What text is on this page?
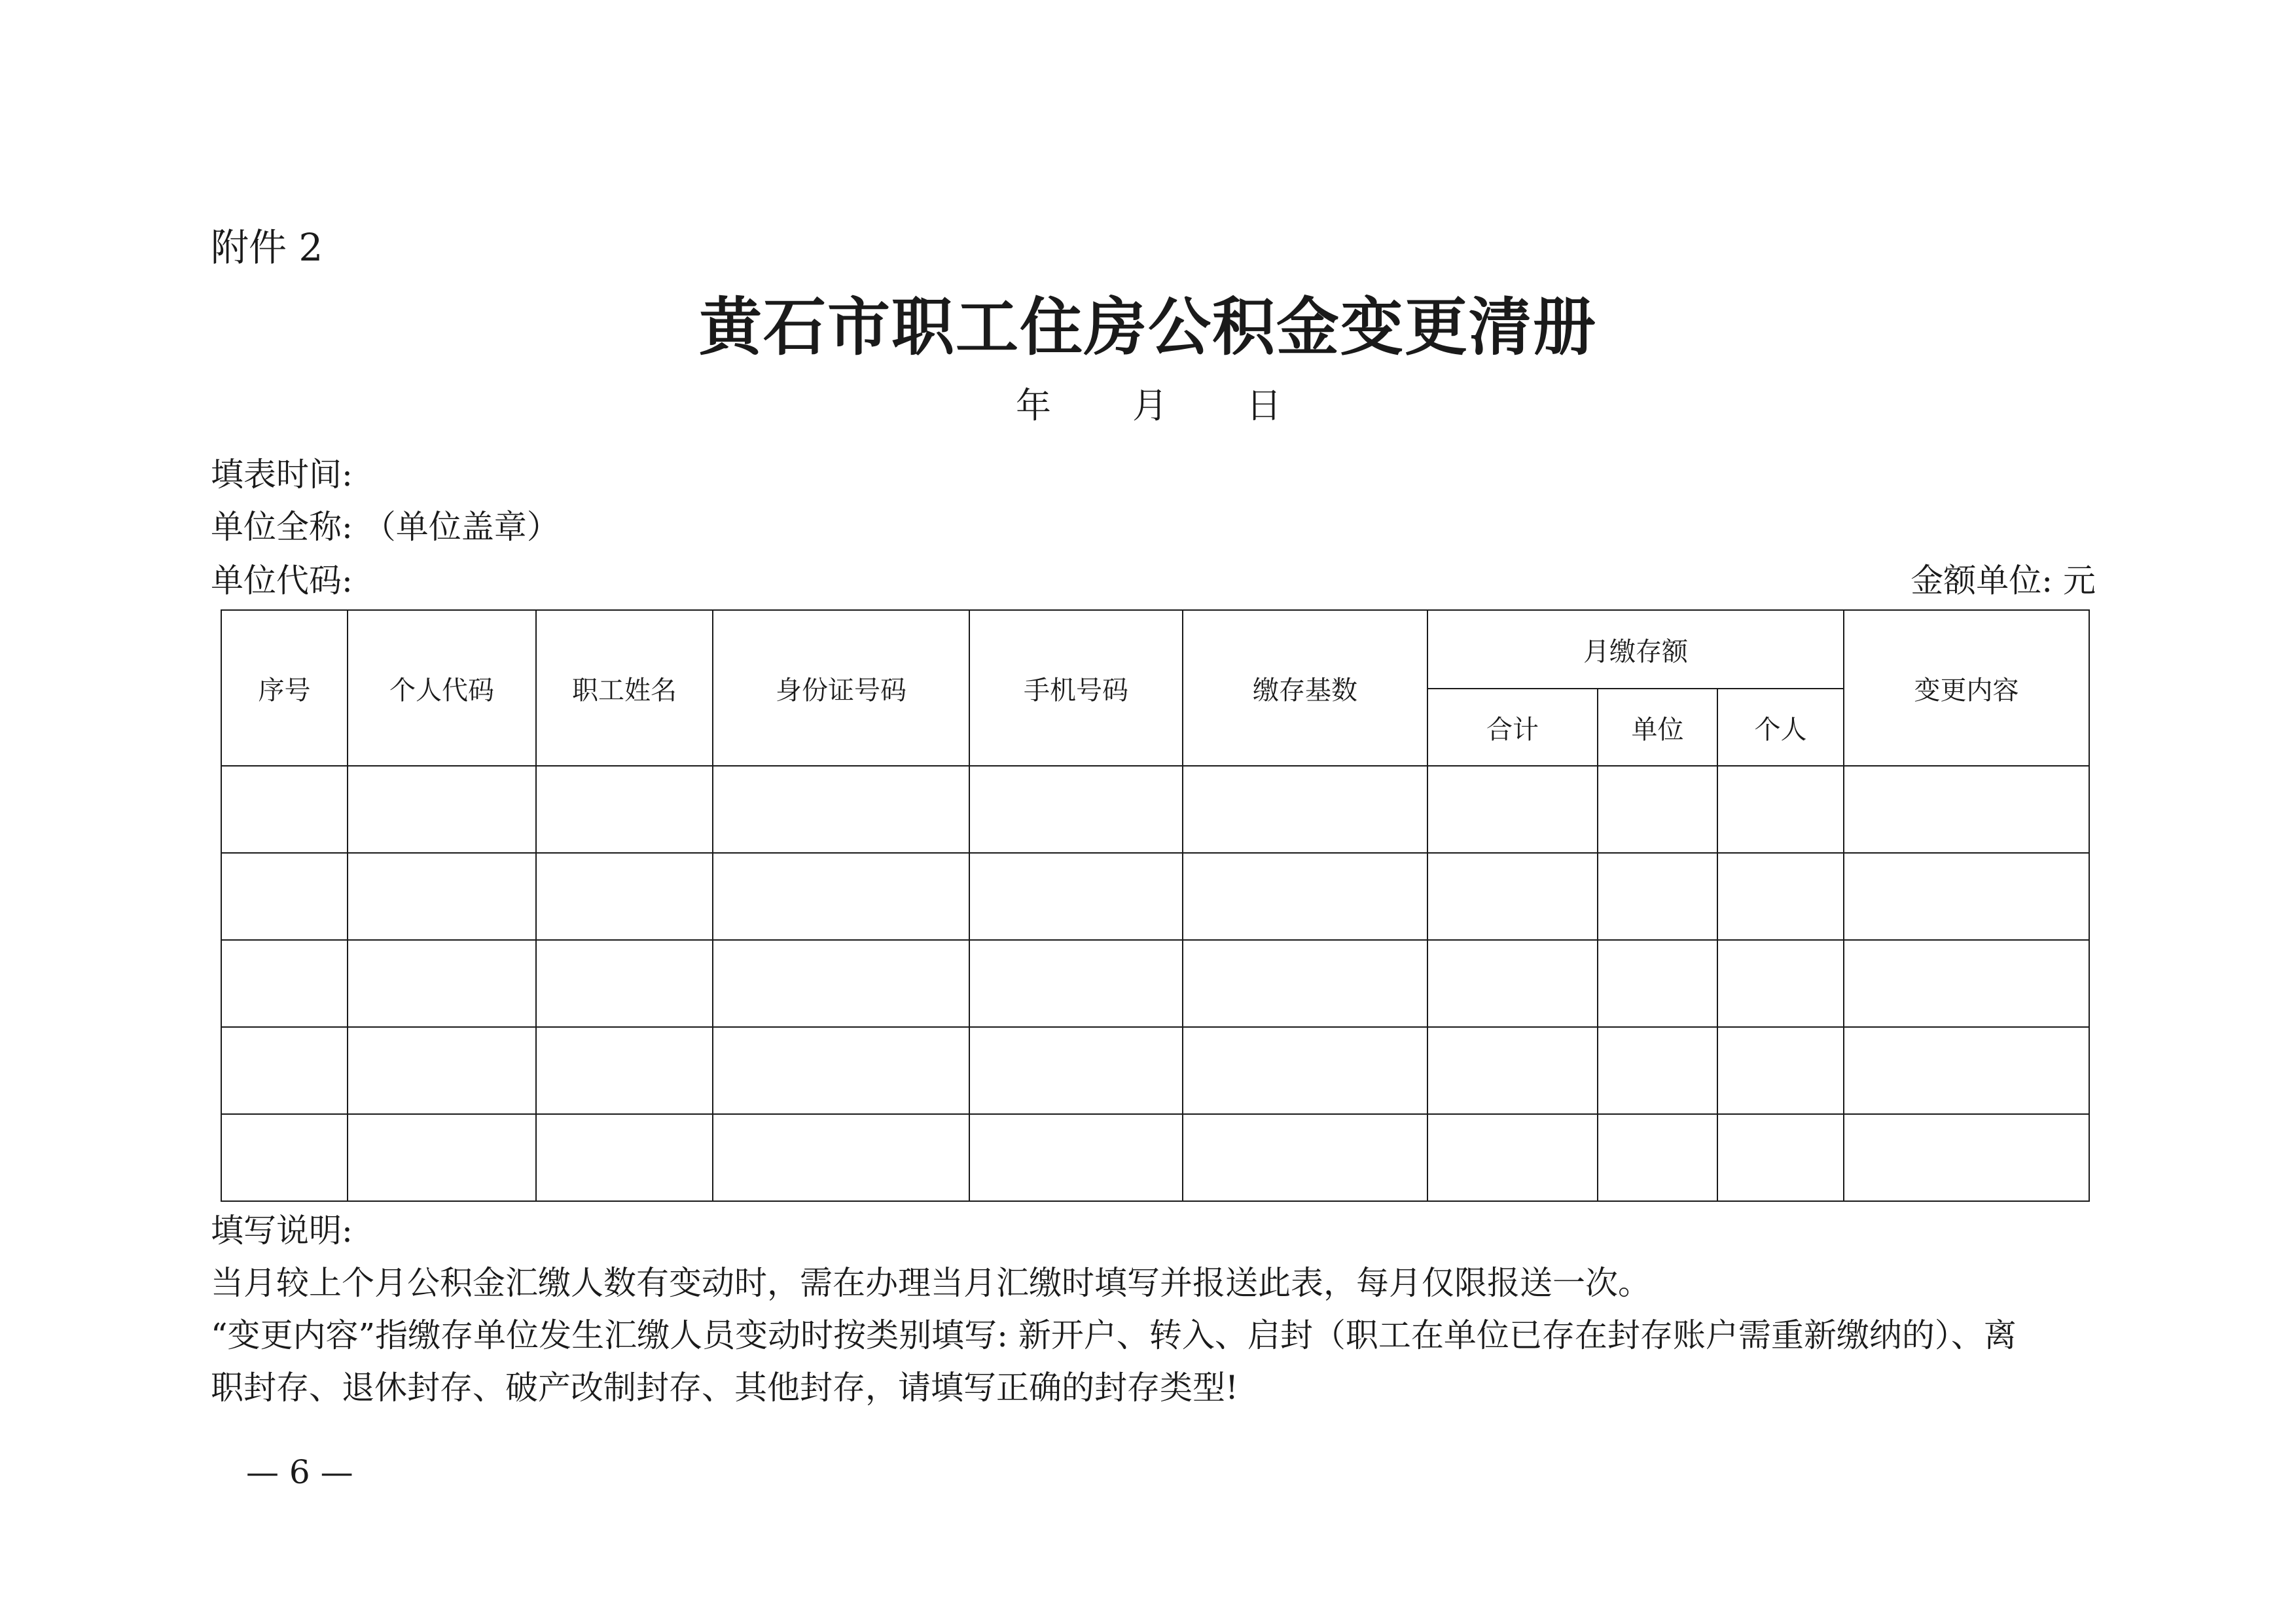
附件 2
黄石市职工住房公积金变更清册
年 月 日
填表时间:
单位全称: （单位盖章）
单位代码:	金额单位: 元
序号	个人代码	职工姓名	身份证号码	手机号码	缴存基数	月缴存额			变更内容
						合计	单位	个人	

填写说明:
当月较上个月公积金汇缴人数有变动时，需在办理当月汇缴时填写并报送此表，每月仅限报送一次。
“变更内容”指缴存单位发生汇缴人员变动时按类别填写: 新开户、转入、启封（职工在单位已存在封存账户需重新缴纳的）、离
职封存、退休封存、破产改制封存、其他封存，请填写正确的封存类型!
— 6 —
